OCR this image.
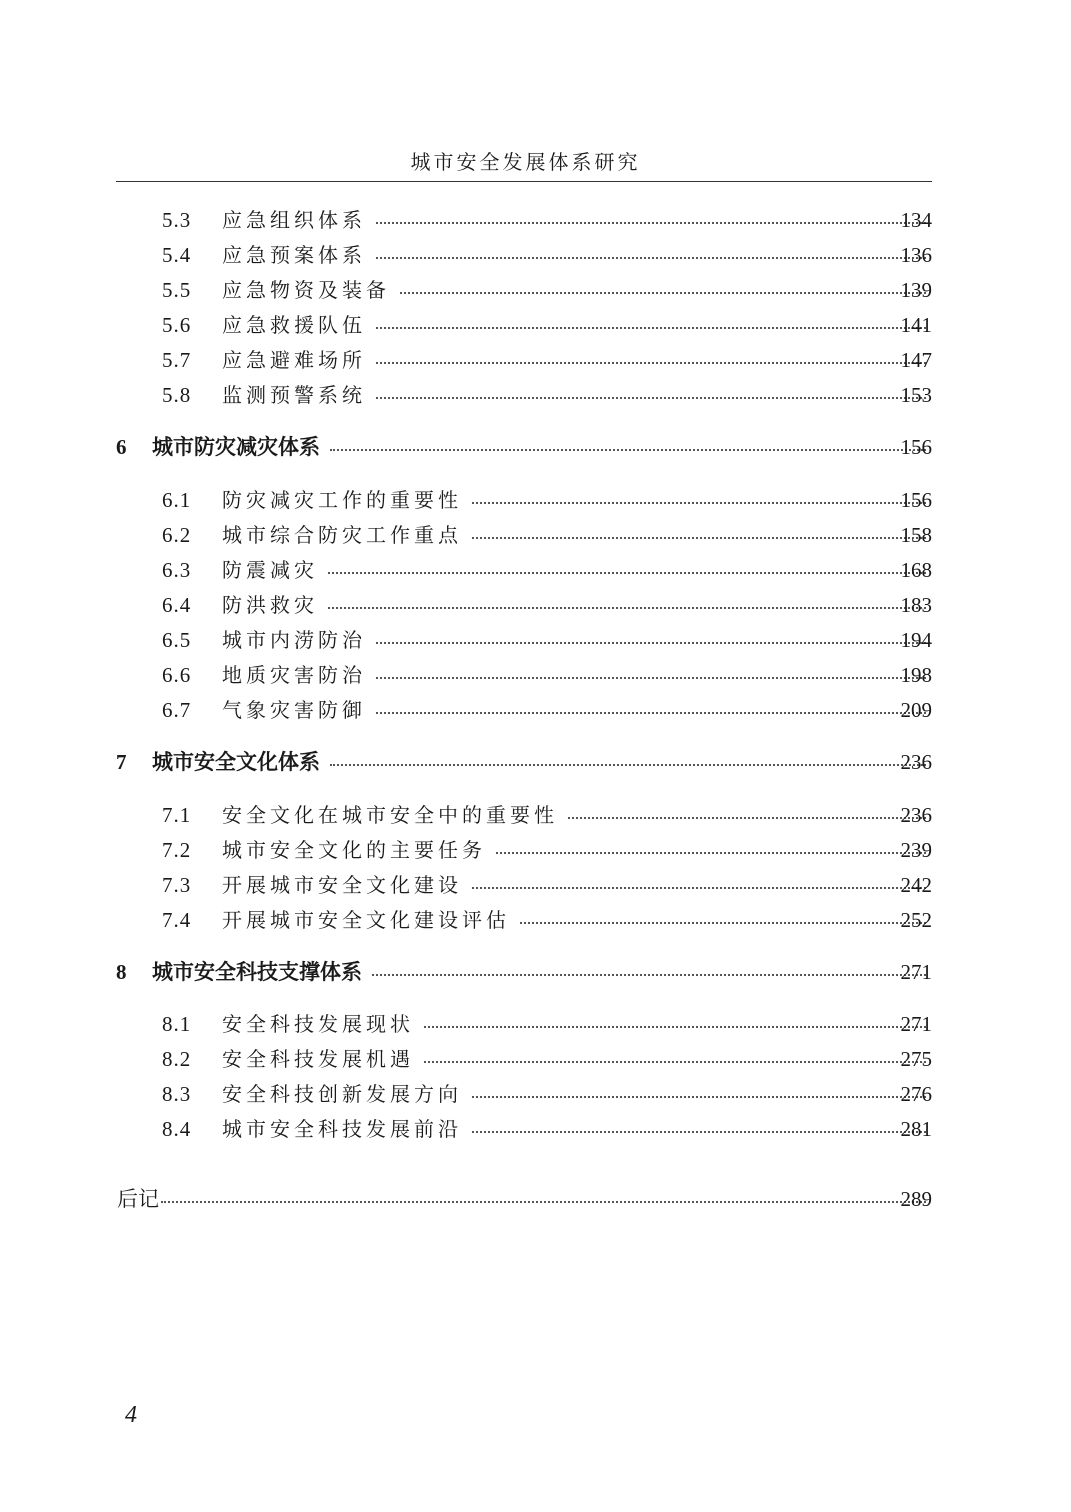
城市安全发展体系研究
5.3 应急组织体系	134
5.4 应急预案体系	136
5.5 应急物资及装备	139
5.6 应急救援队伍	141
5.7 应急避难场所	147
5.8 监测预警系统	153
6 城市防灾减灾体系	156
6.1 防灾减灾工作的重要性	156
6.2 城市综合防灾工作重点	158
6.3 防震减灾	168
6.4 防洪救灾	183
6.5 城市内涝防治	194
6.6 地质灾害防治	198
6.7 气象灾害防御	209
7 城市安全文化体系	236
7.1 安全文化在城市安全中的重要性	236
7.2 城市安全文化的主要任务	239
7.3 开展城市安全文化建设	242
7.4 开展城市安全文化建设评估	252
8 城市安全科技支撑体系	271
8.1 安全科技发展现状	271
8.2 安全科技发展机遇	275
8.3 安全科技创新发展方向	276
8.4 城市安全科技发展前沿	281
后记	289
4
